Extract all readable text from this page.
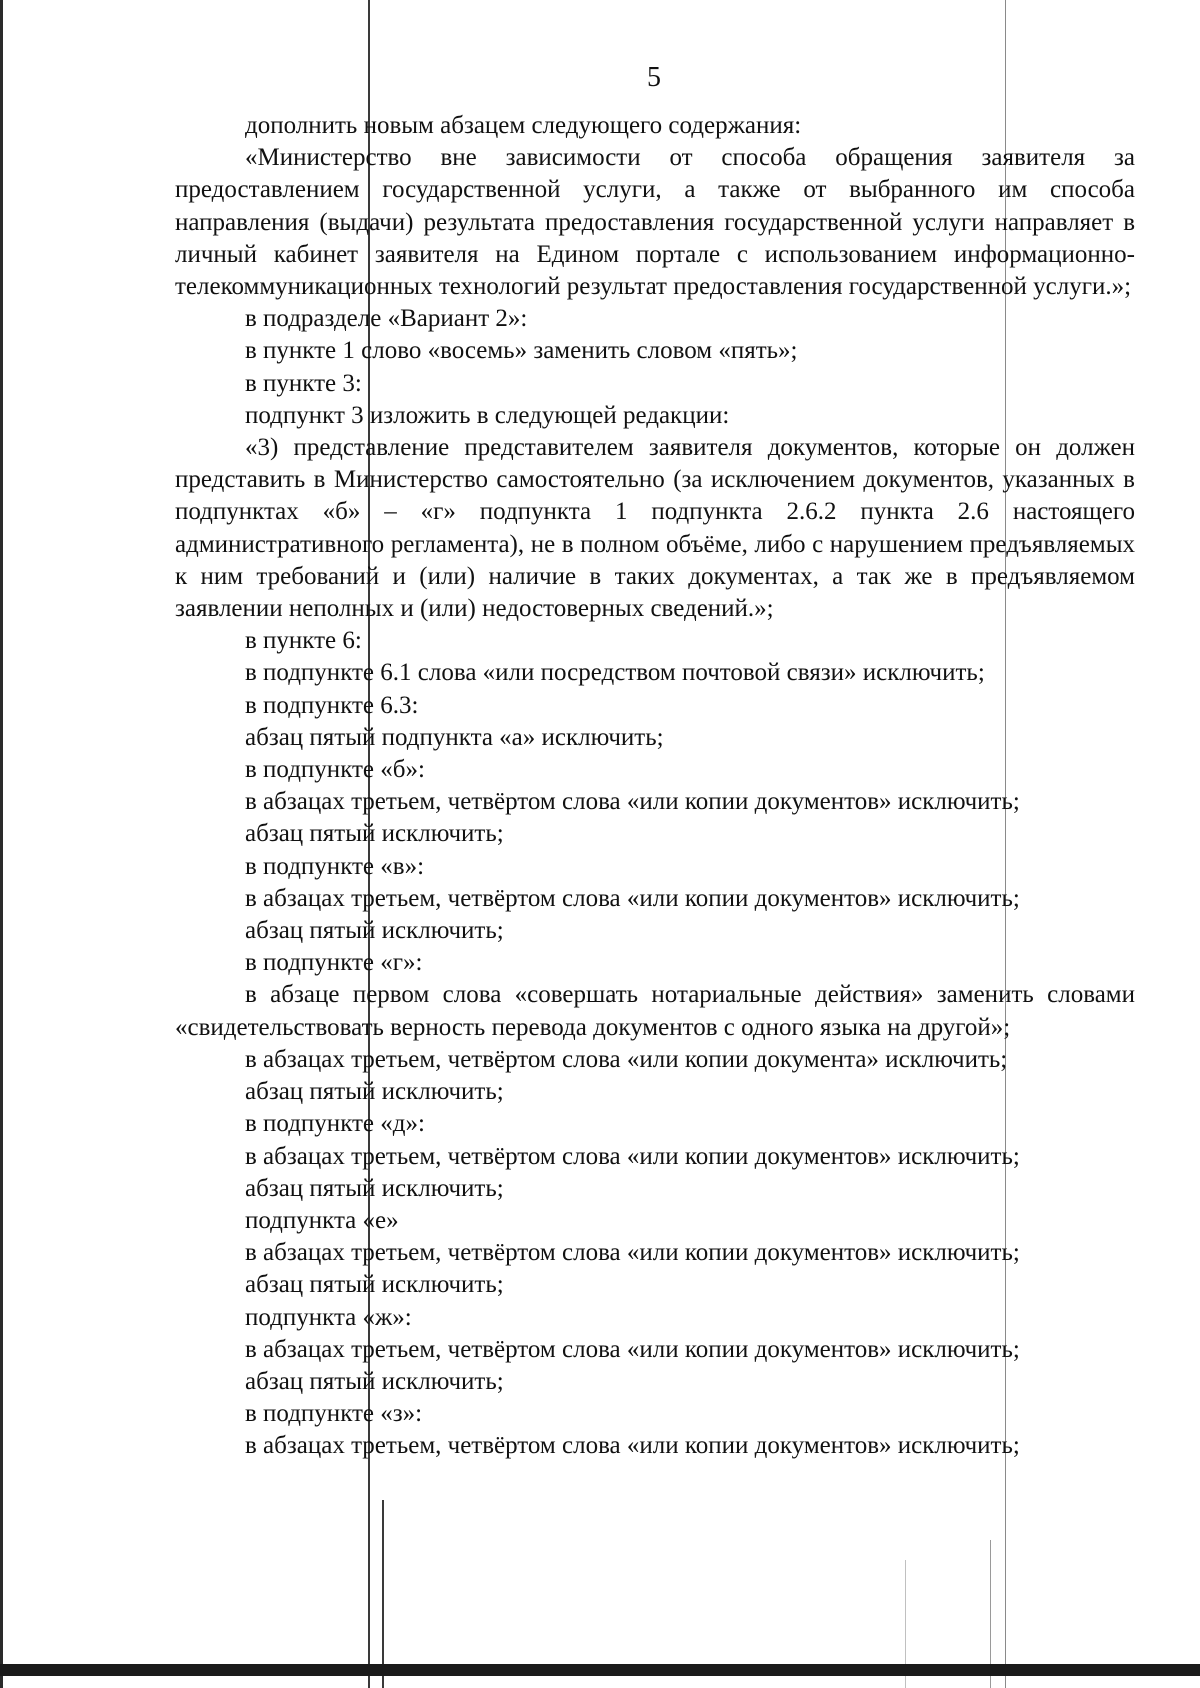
5

дополнить новым абзацем следующего содержания:

«Министерство вне зависимости от способа обращения заявителя за предоставлением государственной услуги, а также от выбранного им способа направления (выдачи) результата предоставления государственной услуги направляет в личный кабинет заявителя на Едином портале с использованием информационно-телекоммуникационных технологий результат предоставления государственной услуги.»;

в подразделе «Вариант 2»:

в пункте 1 слово «восемь» заменить словом «пять»;

в пункте 3:

подпункт 3 изложить в следующей редакции:

«3) представление представителем заявителя документов, которые он должен представить в Министерство самостоятельно (за исключением документов, указанных в подпунктах «б» – «г» подпункта 1 подпункта 2.6.2 пункта 2.6 настоящего административного регламента), не в полном объёме, либо с нарушением предъявляемых к ним требований и (или) наличие в таких документах, а так же в предъявляемом заявлении неполных и (или) недостоверных сведений.»;

в пункте 6:

в подпункте 6.1 слова «или посредством почтовой связи» исключить;

в подпункте 6.3:

абзац пятый подпункта «а» исключить;

в подпункте «б»:

в абзацах третьем, четвёртом слова «или копии документов» исключить;

абзац пятый исключить;

в подпункте «в»:

в абзацах третьем, четвёртом слова «или копии документов» исключить;

абзац пятый исключить;

в подпункте «г»:

в абзаце первом слова «совершать нотариальные действия» заменить словами «свидетельствовать верность перевода документов с одного языка на другой»;

в абзацах третьем, четвёртом слова «или копии документа» исключить;

абзац пятый исключить;

в подпункте «д»:

в абзацах третьем, четвёртом слова «или копии документов» исключить;

абзац пятый исключить;

подпункта «е»

в абзацах третьем, четвёртом слова «или копии документов» исключить;

абзац пятый исключить;

подпункта «ж»:

в абзацах третьем, четвёртом слова «или копии документов» исключить;

абзац пятый исключить;

в подпункте «з»:

в абзацах третьем, четвёртом слова «или копии документов» исключить;
